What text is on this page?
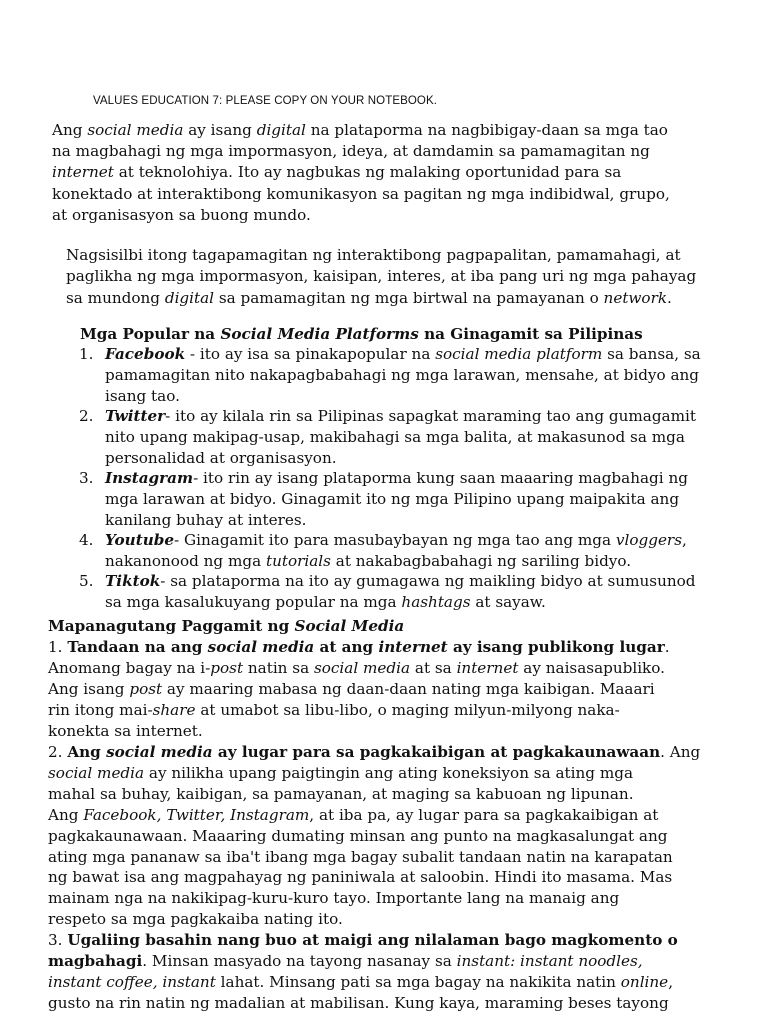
VALUES EDUCATION 7: PLEASE COPY ON YOUR NOTEBOOK.
Ang social media ay isang digital na plataporma na nagbibigay-daan sa mga tao
na magbahagi ng mga impormasyon, ideya, at damdamin sa pamamagitan ng
internet at teknolohiya. Ito ay nagbukas ng malaking oportunidad para sa
konektado at interaktibong komunikasyon sa pagitan ng mga indibidwal, grupo,
at organisasyon sa buong mundo.
Nagsisilbi itong tagapamagitan ng interaktibong pagpapalitan, pamamahagi, at
paglikha ng mga impormasyon, kaisipan, interes, at iba pang uri ng mga pahayag
sa mundong digital sa pamamagitan ng mga birtwal na pamayanan o network.
Mga Popular na Social Media Platforms na Ginagamit sa Pilipinas
1. Facebook - ito ay isa sa pinakapopular na social media platform sa bansa, sa
pamamagitan nito nakapagbabahagi ng mga larawan, mensahe, at bidyo ang
isang tao.
2. Twitter- ito ay kilala rin sa Pilipinas sapagkat maraming tao ang gumagamit
nito upang makipag-usap, makibahagi sa mga balita, at makasunod sa mga
personalidad at organisasyon.
3. Instagram- ito rin ay isang plataporma kung saan maaaring magbahagi ng
mga larawan at bidyo. Ginagamit ito ng mga Pilipino upang maipakita ang
kanilang buhay at interes.
4. Youtube- Ginagamit ito para masubaybayan ng mga tao ang mga vloggers,
nakanonood ng mga tutorials at nakabagbabahagi ng sariling bidyo.
5. Tiktok- sa plataporma na ito ay gumagawa ng maikling bidyo at sumusunod
sa mga kasalukuyang popular na mga hashtags at sayaw.
Mapanagutang Paggamit ng Social Media
1. Tandaan na ang social media at ang internet ay isang publikong lugar.
Anomang bagay na i-post natin sa social media at sa internet ay naisasapubliko.
Ang isang post ay maaring mabasa ng daan-daan nating mga kaibigan. Maaari
rin itong mai-share at umabot sa libu-libo, o maging milyun-milyong naka-
konekta sa internet.
2. Ang social media ay lugar para sa pagkakaibigan at pagkakaunawaan. Ang
social media ay nilikha upang paigtingin ang ating koneksiyon sa ating mga
mahal sa buhay, kaibigan, sa pamayanan, at maging sa kabuoan ng lipunan.
Ang Facebook, Twitter, Instagram, at iba pa, ay lugar para sa pagkakaibigan at
pagkakaunawaan. Maaaring dumating minsan ang punto na magkasalungat ang
ating mga pananaw sa iba't ibang mga bagay subalit tandaan natin na karapatan
ng bawat isa ang magpahayag ng paniniwala at saloobin. Hindi ito masama. Mas
mainam nga na nakikipag-kuru-kuro tayo. Importante lang na manaig ang
respeto sa mga pagkakaiba nating ito.
3. Ugaliing basahin nang buo at maigi ang nilalaman bago magkomento o
magbahagi. Minsan masyado na tayong nasanay sa instant: instant noodles,
instant coffee, instant lahat. Minsang pati sa mga bagay na nakikita natin online,
gusto na rin natin ng madalian at mabilisan. Kung kaya, maraming beses tayong
